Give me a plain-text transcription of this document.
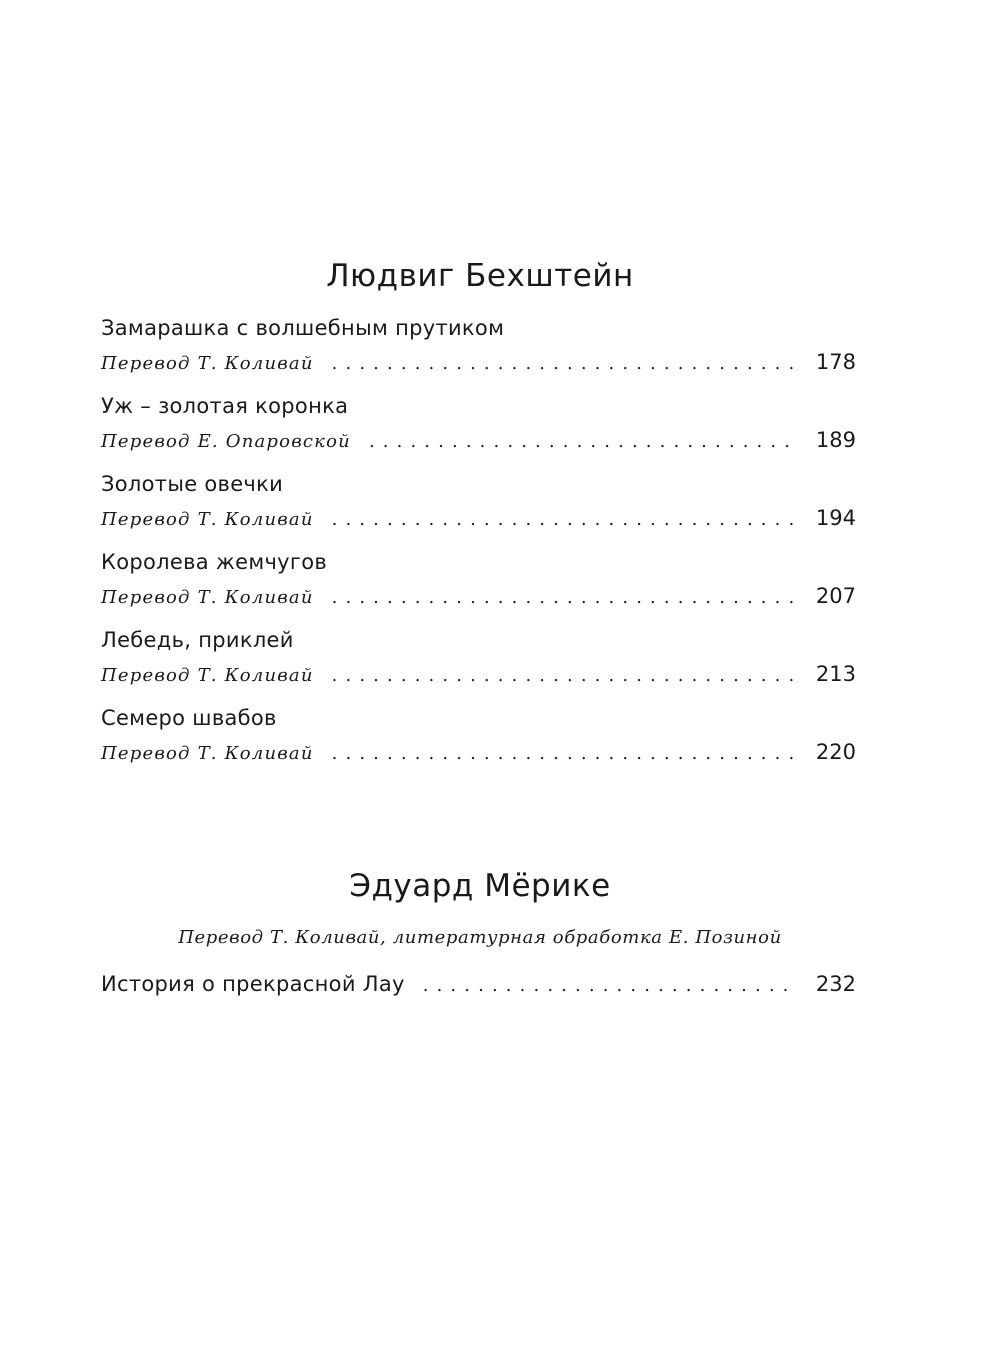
Людвиг Бехштейн
Замарашка с волшебным прутиком
Перевод Т. Коливай . . .	178
Уж – золотая коронка
Перевод Е. Опаровской . . .	189
Золотые овечки
Перевод Т. Коливай . . .	194
Королева жемчугов
Перевод Т. Коливай . . .	207
Лебедь, приклей
Перевод Т. Коливай . . .	213
Семеро швабов
Перевод Т. Коливай . . .	220
Эдуард Мёрике
Перевод Т. Коливай, литературная обработка Е. Позиной
История о прекрасной Лау . . .	232
